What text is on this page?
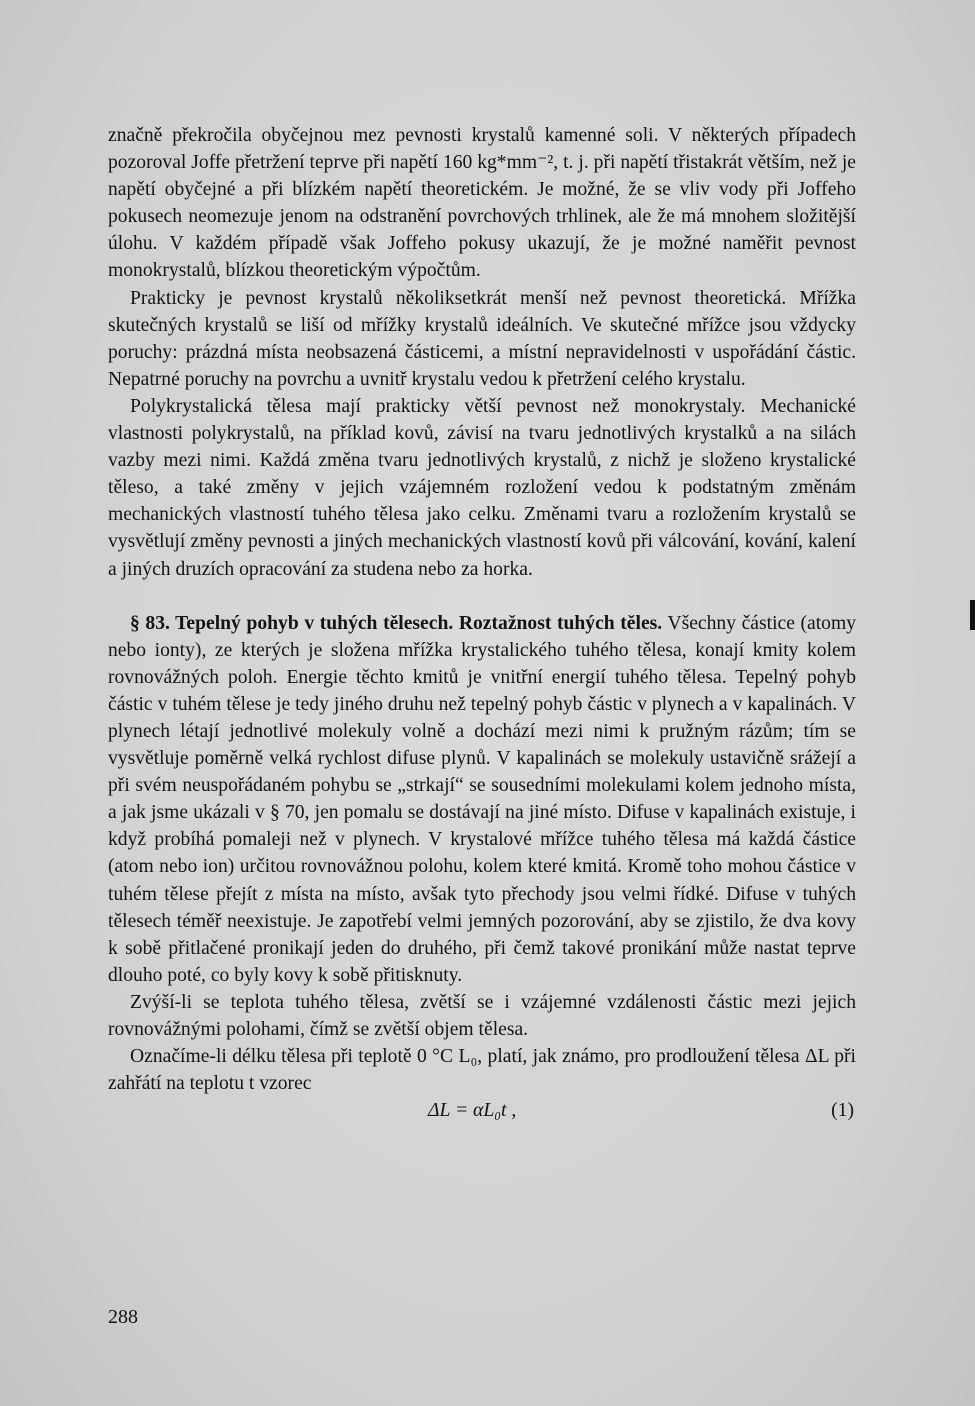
značně překročila obyčejnou mez pevnosti krystalů kamenné soli. V některých případech pozoroval Joffe přetržení teprve při napětí 160 kg*mm⁻², t. j. při napětí třistakrát větším, než je napětí obyčejné a při blízkém napětí theoretickém. Je možné, že se vliv vody při Joffeho pokusech neomezuje jenom na odstranění povrchových trhlinek, ale že má mnohem složitější úlohu. V každém případě však Joffeho pokusy ukazují, že je možné naměřit pevnost monokrystalů, blízkou theoretickým výpočtům.

Prakticky je pevnost krystalů několiksetkrát menší než pevnost theoretická. Mřížka skutečných krystalů se liší od mřížky krystalů ideálních. Ve skutečné mřížce jsou vždycky poruchy: prázdná místa neobsazená částicemi, a místní nepravidelnosti v uspořádání částic. Nepatrné poruchy na povrchu a uvnitř krystalu vedou k přetržení celého krystalu.

Polykrystalická tělesa mají prakticky větší pevnost než monokrystaly. Mechanické vlastnosti polykrystalů, na příklad kovů, závisí na tvaru jednotlivých krystalků a na silách vazby mezi nimi. Každá změna tvaru jednotlivých krystalů, z nichž je složeno krystalické těleso, a také změny v jejich vzájemném rozložení vedou k podstatným změnám mechanických vlastností tuhého tělesa jako celku. Změnami tvaru a rozložením krystalů se vysvětlují změny pevnosti a jiných mechanických vlastností kovů při válcování, kování, kalení a jiných druzích opracování za studena nebo za horka.

§ 83. Tepelný pohyb v tuhých tělesech. Roztažnost tuhých těles. Všechny částice (atomy nebo ionty), ze kterých je složena mřížka krystalického tuhého tělesa, konají kmity kolem rovnovážných poloh. Energie těchto kmitů je vnitřní energií tuhého tělesa. Tepelný pohyb částic v tuhém tělese je tedy jiného druhu než tepelný pohyb částic v plynech a v kapalinách. V plynech létají jednotlivé molekuly volně a dochází mezi nimi k pružným rázům; tím se vysvětluje poměrně velká rychlost difuse plynů. V kapalinách se molekuly ustavičně srážejí a při svém neuspořádaném pohybu se „strkají“ se sousedními molekulami kolem jednoho místa, a jak jsme ukázali v § 70, jen pomalu se dostávají na jiné místo. Difuse v kapalinách existuje, i když probíhá pomaleji než v plynech. V krystalové mřížce tuhého tělesa má každá částice (atom nebo ion) určitou rovnovážnou polohu, kolem které kmitá. Kromě toho mohou částice v tuhém tělese přejít z místa na místo, avšak tyto přechody jsou velmi řídké. Difuse v tuhých tělesech téměř neexistuje. Je zapotřebí velmi jemných pozorování, aby se zjistilo, že dva kovy k sobě přitlačené pronikají jeden do druhého, při čemž takové pronikání může nastat teprve dlouho poté, co byly kovy k sobě přitisknuty.

Zvýší-li se teplota tuhého tělesa, zvětší se i vzájemné vzdálenosti částic mezi jejich rovnovážnými polohami, čímž se zvětší objem tělesa.

Označíme-li délku tělesa při teplotě 0 °C L₀, platí, jak známo, pro prodloužení tělesa ΔL při zahřátí na teplotu t vzorec

ΔL = αL₀t ,	(1)
288
